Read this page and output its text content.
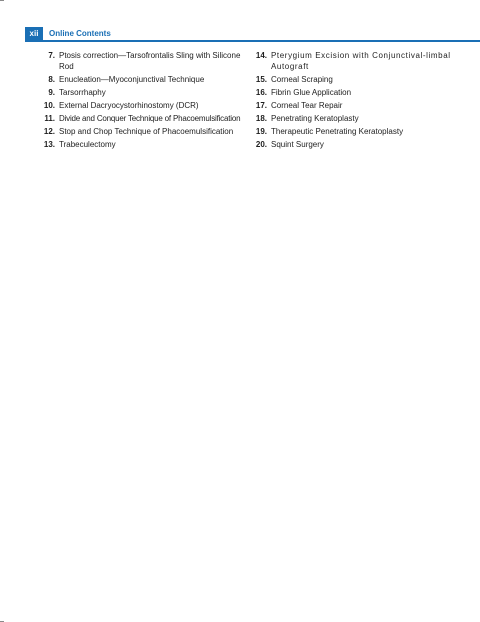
xii	Online Contents
7. Ptosis correction—Tarsofrontalis Sling with Silicone Rod
8. Enucleation—Myoconjunctival Technique
9. Tarsorrhaphy
10. External Dacryocystorhinostomy (DCR)
11. Divide and Conquer Technique of Phacoemulsification
12. Stop and Chop Technique of Phacoemulsification
13. Trabeculectomy
14. Pterygium Excision with Conjunctival-limbal Autograft
15. Corneal Scraping
16. Fibrin Glue Application
17. Corneal Tear Repair
18. Penetrating Keratoplasty
19. Therapeutic Penetrating Keratoplasty
20. Squint Surgery
